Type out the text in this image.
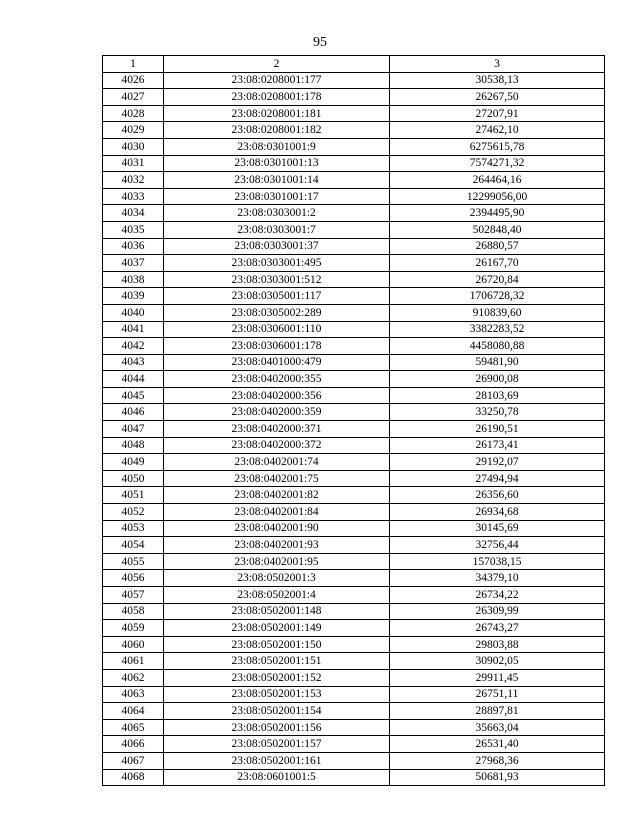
95
1	2	3
4026	23:08:0208001:177	30538,13
4027	23:08:0208001:178	26267,50
4028	23:08:0208001:181	27207,91
4029	23:08:0208001:182	27462,10
4030	23:08:0301001:9	6275615,78
4031	23:08:0301001:13	7574271,32
4032	23:08:0301001:14	264464,16
4033	23:08:0301001:17	12299056,00
4034	23:08:0303001:2	2394495,90
4035	23:08:0303001:7	502848,40
4036	23:08:0303001:37	26880,57
4037	23:08:0303001:495	26167,70
4038	23:08:0303001:512	26720,84
4039	23:08:0305001:117	1706728,32
4040	23:08:0305002:289	910839,60
4041	23:08:0306001:110	3382283,52
4042	23:08:0306001:178	4458080,88
4043	23:08:0401000:479	59481,90
4044	23:08:0402000:355	26900,08
4045	23:08:0402000:356	28103,69
4046	23:08:0402000:359	33250,78
4047	23:08:0402000:371	26190,51
4048	23:08:0402000:372	26173,41
4049	23:08:0402001:74	29192,07
4050	23:08:0402001:75	27494,94
4051	23:08:0402001:82	26356,60
4052	23:08:0402001:84	26934,68
4053	23:08:0402001:90	30145,69
4054	23:08:0402001:93	32756,44
4055	23:08:0402001:95	157038,15
4056	23:08:0502001:3	34379,10
4057	23:08:0502001:4	26734,22
4058	23:08:0502001:148	26309,99
4059	23:08:0502001:149	26743,27
4060	23:08:0502001:150	29803,88
4061	23:08:0502001:151	30902,05
4062	23:08:0502001:152	29911,45
4063	23:08:0502001:153	26751,11
4064	23:08:0502001:154	28897,81
4065	23:08:0502001:156	35663,04
4066	23:08:0502001:157	26531,40
4067	23:08:0502001:161	27968,36
4068	23:08:0601001:5	50681,93
